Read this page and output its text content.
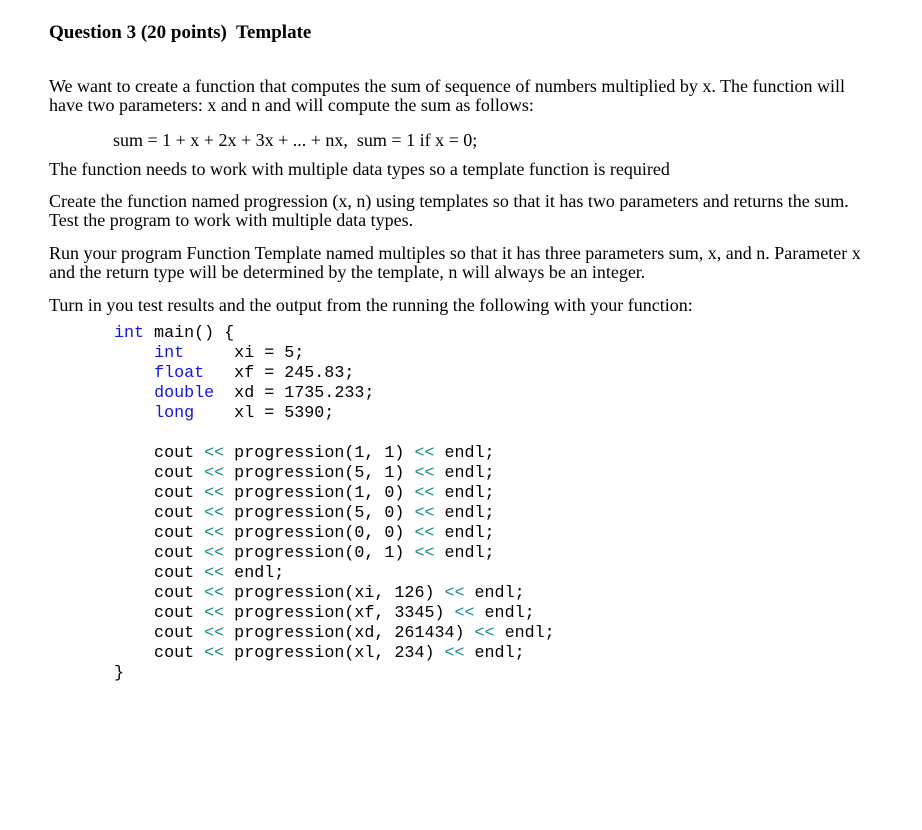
Question 3 (20 points)  Template
We want to create a function that computes the sum of sequence of numbers multiplied by x. The function will have two parameters: x and n and will compute the sum as follows:
sum = 1 + x + 2x + 3x + ... + nx,  sum = 1 if x = 0;
The function needs to work with multiple data types so a template function is required
Create the function named progression (x, n) using templates so that it has two parameters and returns the sum. Test the program to work with multiple data types.
Run your program Function Template named multiples so that it has three parameters sum, x, and n. Parameter x and the return type will be determined by the template, n will always be an integer.
Turn in you test results and the output from the running the following with your function:
int main() {
int     xi = 5;
float   xf = 245.83;
double  xd = 1735.233;
long    xl = 5390;
cout << progression(1, 1) << endl;
cout << progression(5, 1) << endl;
cout << progression(1, 0) << endl;
cout << progression(5, 0) << endl;
cout << progression(0, 0) << endl;
cout << progression(0, 1) << endl;
cout << endl;
cout << progression(xi, 126) << endl;
cout << progression(xf, 3345) << endl;
cout << progression(xd, 261434) << endl;
cout << progression(xl, 234) << endl;
}
